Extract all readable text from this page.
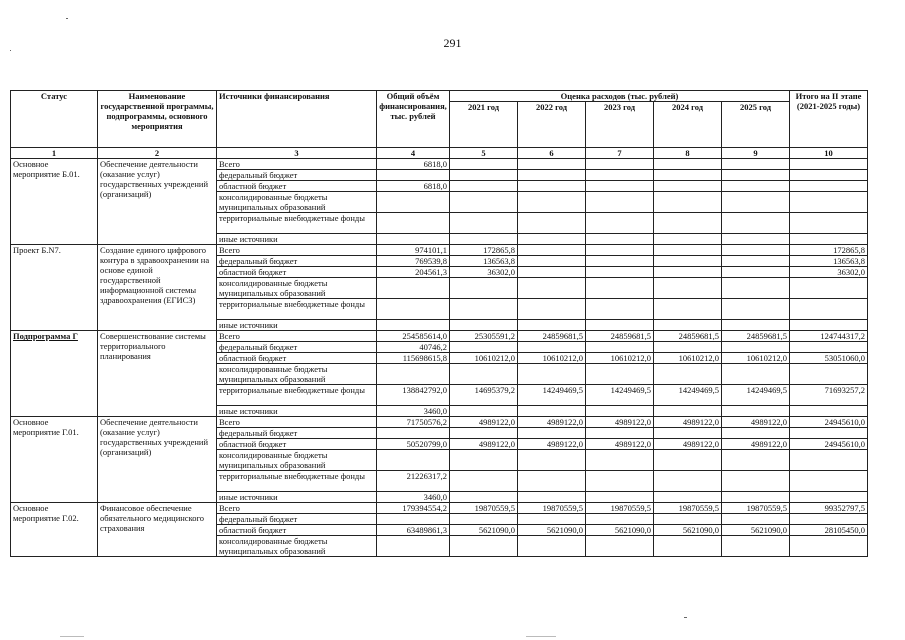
291
Статус	Наименование государственной программы, подпрограммы, основного мероприятия	Источники финансирования	Общий объём финансирования, тыс. рублей	Оценка расходов (тыс. рублей)					Итого на II этапе (2021-2025 годы)
				2021 год	2022 год	2023 год	2024 год	2025 год	
1	2	3	4	5	6	7	8	9	10
Основное мероприятие Б.01.	Обеспечение деятельности (оказание услуг) государственных учреждений (организаций)	Всего	6818,0						
		федеральный бюджет							
		областной бюджет	6818,0						
		консолидированные бюджеты муниципальных образований							
		территориальные внебюджетные фонды							
		иные источники							
Проект Б.N7.	Создание единого цифрового контура в здравоохранении на основе единой государственной информационной системы здравоохранения (ЕГИСЗ)	Всего	974101,1	172865,8					172865,8
		федеральный бюджет	769539,8	136563,8					136563,8
		областной бюджет	204561,3	36302,0					36302,0
		консолидированные бюджеты муниципальных образований							
		территориальные внебюджетные фонды							
		иные источники							
Подпрограмма Г	Совершенствование системы территориального планирования	Всего	254585614,0	25305591,2	24859681,5	24859681,5	24859681,5	24859681,5	124744317,2
		федеральный бюджет	40746,2						
		областной бюджет	115698615,8	10610212,0	10610212,0	10610212,0	10610212,0	10610212,0	53051060,0
		консолидированные бюджеты муниципальных образований							
		территориальные внебюджетные фонды	138842792,0	14695379,2	14249469,5	14249469,5	14249469,5	14249469,5	71693257,2
		иные источники	3460,0						
Основное мероприятие Г.01.	Обеспечение деятельности (оказание услуг) государственных учреждений (организаций)	Всего	71750576,2	4989122,0	4989122,0	4989122,0	4989122,0	4989122,0	24945610,0
		федеральный бюджет							
		областной бюджет	50520799,0	4989122,0	4989122,0	4989122,0	4989122,0	4989122,0	24945610,0
		консолидированные бюджеты муниципальных образований							
		территориальные внебюджетные фонды	21226317,2						
		иные источники	3460,0						
Основное мероприятие Г.02.	Финансовое обеспечение обязательного медицинского страхования	Всего	179394554,2	19870559,5	19870559,5	19870559,5	19870559,5	19870559,5	99352797,5
		федеральный бюджет							
		областной бюджет	63489861,3	5621090,0	5621090,0	5621090,0	5621090,0	5621090,0	28105450,0
		консолидированные бюджеты муниципальных образований							
